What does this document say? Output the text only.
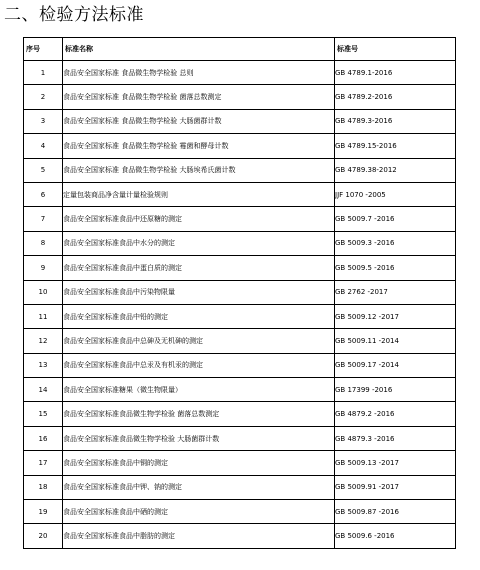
二、检验方法标准
序号	标准名称	标准号
1	食品安全国家标准 食品微生物学检验 总则	GB 4789.1-2016
2	食品安全国家标准 食品微生物学检验 菌落总数测定	GB 4789.2-2016
3	食品安全国家标准 食品微生物学检验 大肠菌群计数	GB 4789.3-2016
4	食品安全国家标准 食品微生物学检验 霉菌和酵母计数	GB 4789.15-2016
5	食品安全国家标准 食品微生物学检验 大肠埃希氏菌计数	GB 4789.38-2012
6	定量包装商品净含量计量检验规则	JJF 1070 -2005
7	食品安全国家标准食品中还原糖的测定	GB 5009.7 -2016
8	食品安全国家标准食品中水分的测定	GB 5009.3 -2016
9	食品安全国家标准食品中蛋白质的测定	GB 5009.5 -2016
10	食品安全国家标准食品中污染物限量	GB 2762 -2017
11	食品安全国家标准食品中铅的测定	GB 5009.12 -2017
12	食品安全国家标准食品中总砷及无机砷的测定	GB 5009.11 -2014
13	食品安全国家标准食品中总汞及有机汞的测定	GB 5009.17 -2014
14	食品安全国家标准糖果（微生物限量）	GB 17399 -2016
15	食品安全国家标准食品微生物学检验 菌落总数测定	GB 4879.2 -2016
16	食品安全国家标准食品微生物学检验 大肠菌群计数	GB 4879.3 -2016
17	食品安全国家标准食品中铜的测定	GB 5009.13 -2017
18	食品安全国家标准食品中钾、钠的测定	GB 5009.91 -2017
19	食品安全国家标准食品中硒的测定	GB 5009.87 -2016
20	食品安全国家标准食品中脂肪的测定	GB 5009.6 -2016
